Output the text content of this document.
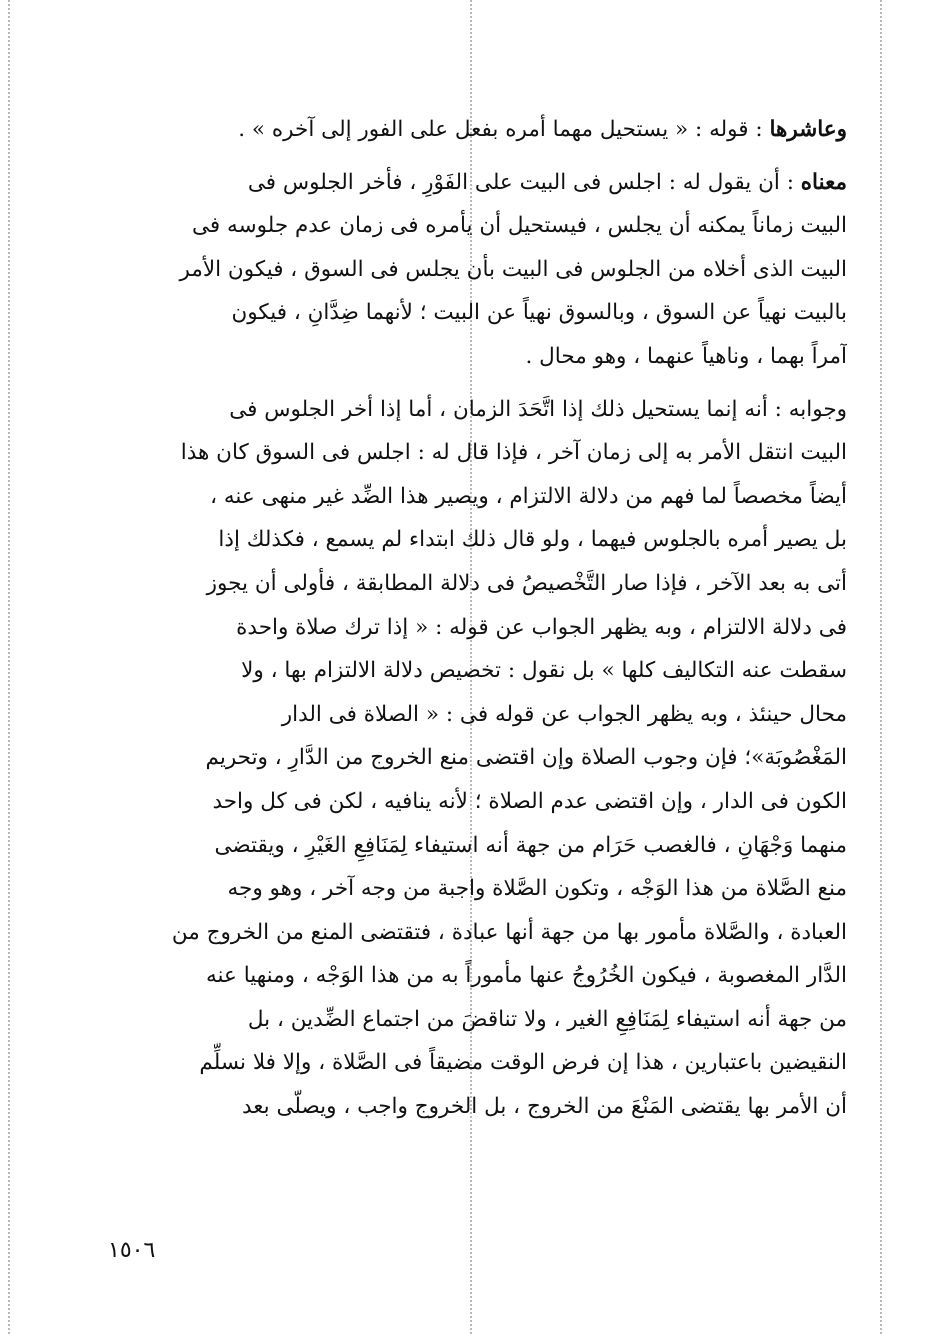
وعاشرها : قوله : « يستحيل مهما أمره بفعل على الفور إلى آخره » .
معناه : أن يقول له : اجلس فى البيت على الفَوْرِ ، فأخر الجلوس فى
البيت زماناً يمكنه أن يجلس ، فيستحيل أن يأمره فى زمان عدم جلوسه فى
البيت الذى أخلاه من الجلوس فى البيت بأن يجلس فى السوق ، فيكون الأمر
بالبيت نهياً عن السوق ، وبالسوق نهياً عن البيت ؛ لأنهما ضِدَّانِ ، فيكون
آمراً بهما ، وناهياً عنهما ، وهو محال .
وجوابه : أنه إنما يستحيل ذلك إذا اتَّحَدَ الزمان ، أما إذا أخر الجلوس فى
البيت انتقل الأمر به إلى زمان آخر ، فإذا قال له : اجلس فى السوق كان هذا
أيضاً مخصصاً لما فهم من دلالة الالتزام ، ويصير هذا الضِّد غير منهى عنه ،
بل يصير أمره بالجلوس فيهما ، ولو قال ذلك ابتداء لم يسمع ، فكذلك إذا
أتى به بعد الآخر ، فإذا صار التَّخْصيصُ فى دلالة المطابقة ، فأولى أن يجوز
فى دلالة الالتزام ، وبه يظهر الجواب عن قوله : « إذا ترك صلاة واحدة
سقطت عنه التكاليف كلها » بل نقول : تخصيص دلالة الالتزام بها ، ولا
محال حينئذ ، وبه يظهر الجواب عن قوله فى : « الصلاة فى الدار
المَغْصُوبَة»؛ فإن وجوب الصلاة وإن اقتضى منع الخروج من الدَّارِ ، وتحريم
الكون فى الدار ، وإن اقتضى عدم الصلاة ؛ لأنه ينافيه ، لكن فى كل واحد
منهما وَجْهَانِ ، فالغصب حَرَام من جهة أنه استيفاء لِمَنَافِعِ الغَيْرِ ، ويقتضى
منع الصَّلاة من هذا الوَجْه ، وتكون الصَّلاة واجبة من وجه آخر ، وهو وجه
العبادة ، والصَّلاة مأمور بها من جهة أنها عبادة ، فتقتضى المنع من الخروج من
الدَّار المغصوبة ، فيكون الخُرُوجُ عنها مأموراً به من هذا الوَجْه ، ومنهيا عنه
من جهة أنه استيفاء لِمَنَافِعِ الغير ، ولا تناقضَ من اجتماع الضِّدين ، بل
النقيضين باعتبارين ، هذا إن فرض الوقت مضيقاً فى الصَّلاة ، وإلا فلا نسلِّم
أن الأمر بها يقتضى المَنْعَ من الخروج ، بل الخروج واجب ، ويصلّى بعد
١٥٠٦
